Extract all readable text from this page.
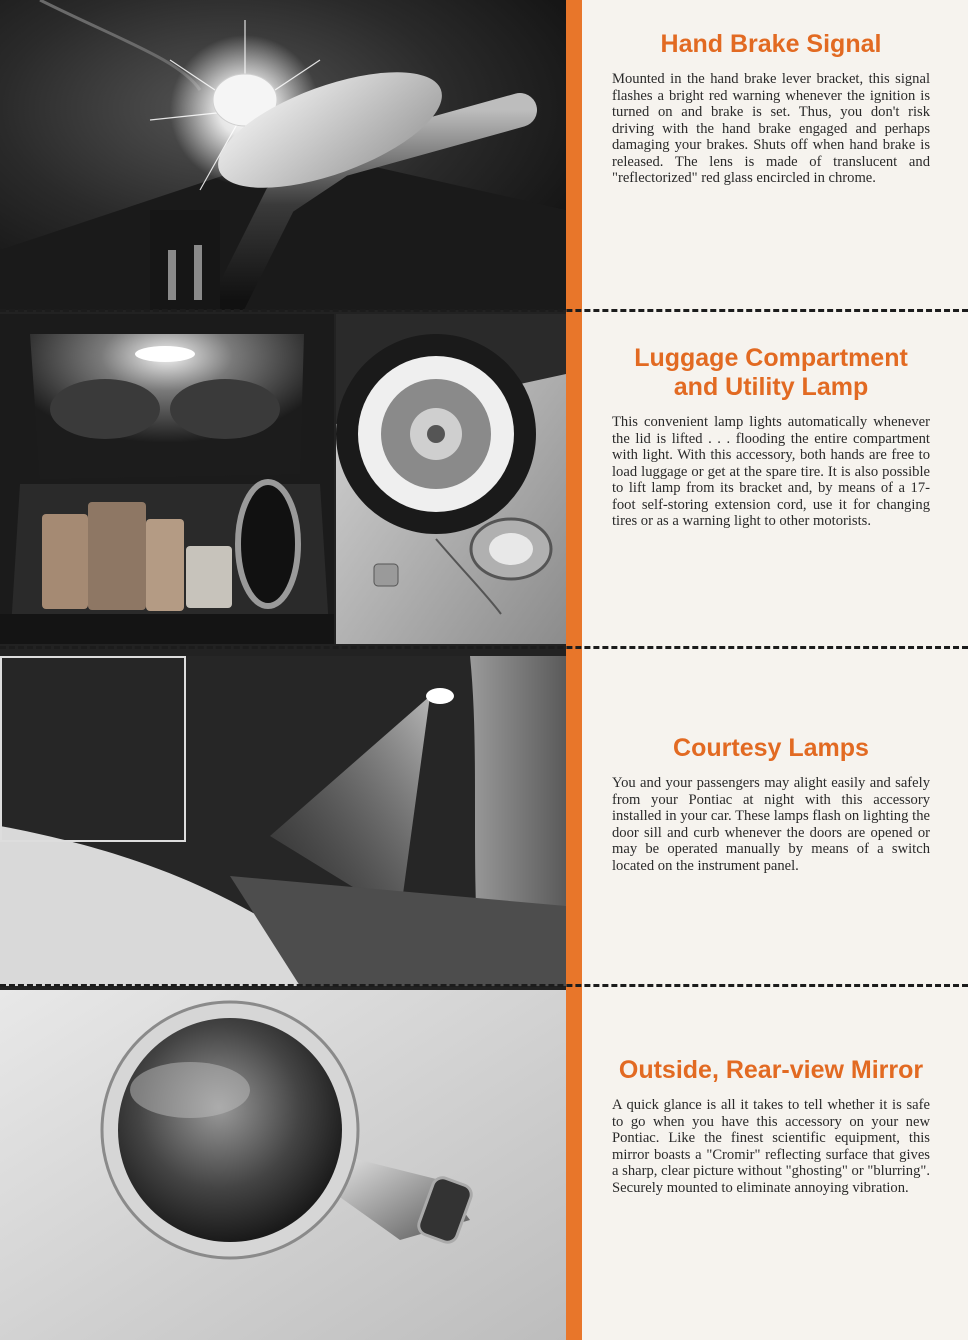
Hand Brake Signal

Mounted in the hand brake lever bracket, this signal flashes a bright red warning whenever the ignition is turned on and brake is set. Thus, you don't risk driving with the hand brake engaged and perhaps damaging your brakes. Shuts off when hand brake is released. The lens is made of translucent and "reflectorized" red glass encircled in chrome.

Luggage Compartment and Utility Lamp

This convenient lamp lights automatically whenever the lid is lifted . . . flooding the entire compartment with light. With this accessory, both hands are free to load luggage or get at the spare tire. It is also possible to lift lamp from its bracket and, by means of a 17-foot self-storing extension cord, use it for changing tires or as a warning light to other motorists.

Courtesy Lamps

You and your passengers may alight easily and safely from your Pontiac at night with this accessory installed in your car. These lamps flash on lighting the door sill and curb whenever the doors are opened or may be operated manually by means of a switch located on the instrument panel.

Outside, Rear-view Mirror

A quick glance is all it takes to tell whether it is safe to go when you have this accessory on your new Pontiac. Like the finest scientific equipment, this mirror boasts a "Cromir" reflecting surface that gives a sharp, clear picture without "ghosting" or "blurring". Securely mounted to eliminate annoying vibration.
